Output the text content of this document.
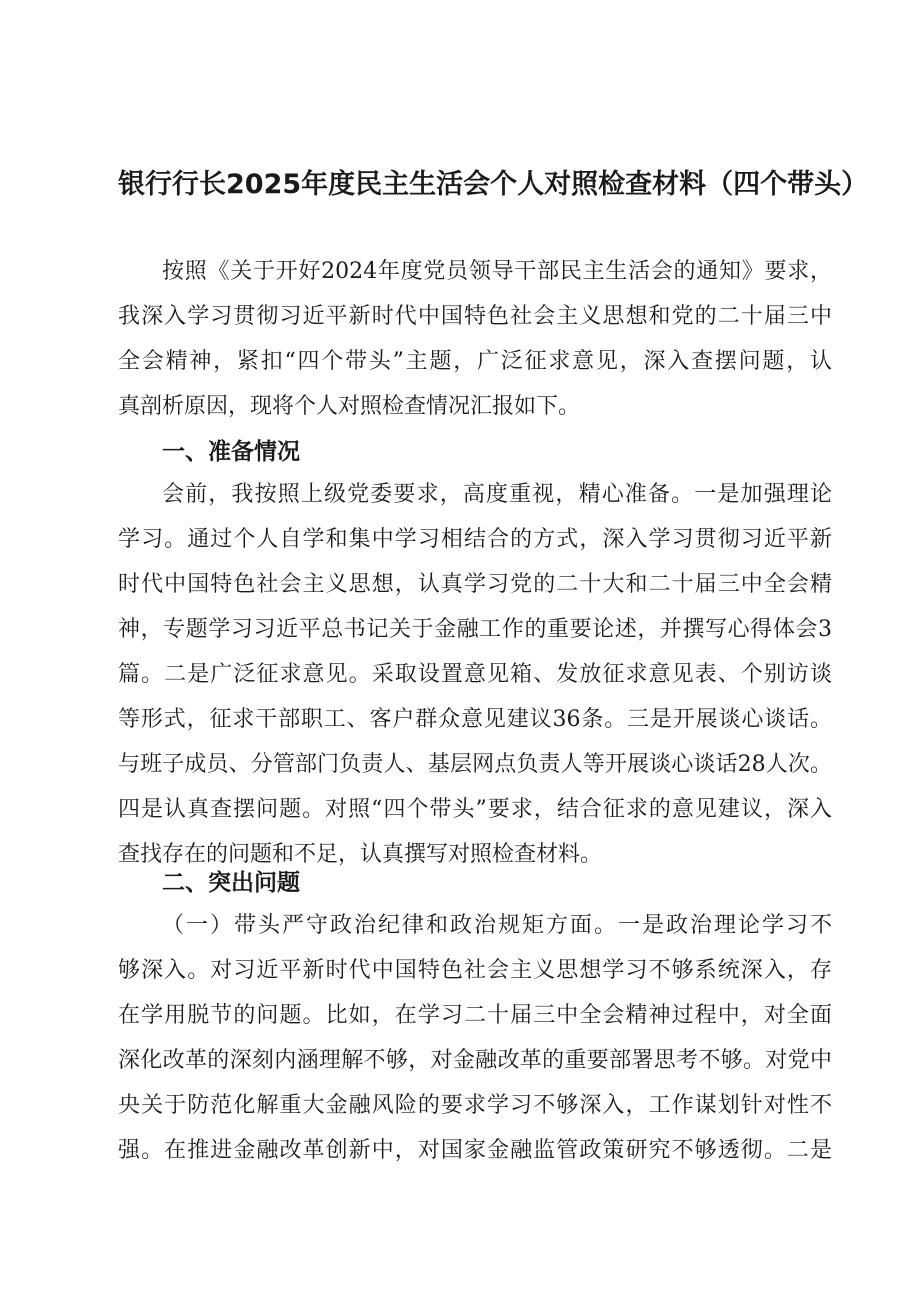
银行行长2025年度民主生活会个人对照检查材料（四个带头）
按照《关于开好2024年度党员领导干部民主生活会的通知》要求，
我深入学习贯彻习近平新时代中国特色社会主义思想和党的二十届三中
全会精神，紧扣“四个带头”主题，广泛征求意见，深入查摆问题，认
真剖析原因，现将个人对照检查情况汇报如下。
一、准备情况
会前，我按照上级党委要求，高度重视，精心准备。一是加强理论
学习。通过个人自学和集中学习相结合的方式，深入学习贯彻习近平新
时代中国特色社会主义思想，认真学习党的二十大和二十届三中全会精
神，专题学习习近平总书记关于金融工作的重要论述，并撰写心得体会3
篇。二是广泛征求意见。采取设置意见箱、发放征求意见表、个别访谈
等形式，征求干部职工、客户群众意见建议36条。三是开展谈心谈话。
与班子成员、分管部门负责人、基层网点负责人等开展谈心谈话28人次。
四是认真查摆问题。对照“四个带头”要求，结合征求的意见建议，深入
查找存在的问题和不足，认真撰写对照检查材料。
二、突出问题
（一）带头严守政治纪律和政治规矩方面。一是政治理论学习不
够深入。对习近平新时代中国特色社会主义思想学习不够系统深入，存
在学用脱节的问题。比如，在学习二十届三中全会精神过程中，对全面
深化改革的深刻内涵理解不够，对金融改革的重要部署思考不够。对党中
央关于防范化解重大金融风险的要求学习不够深入，工作谋划针对性不
强。在推进金融改革创新中，对国家金融监管政策研究不够透彻。二是
